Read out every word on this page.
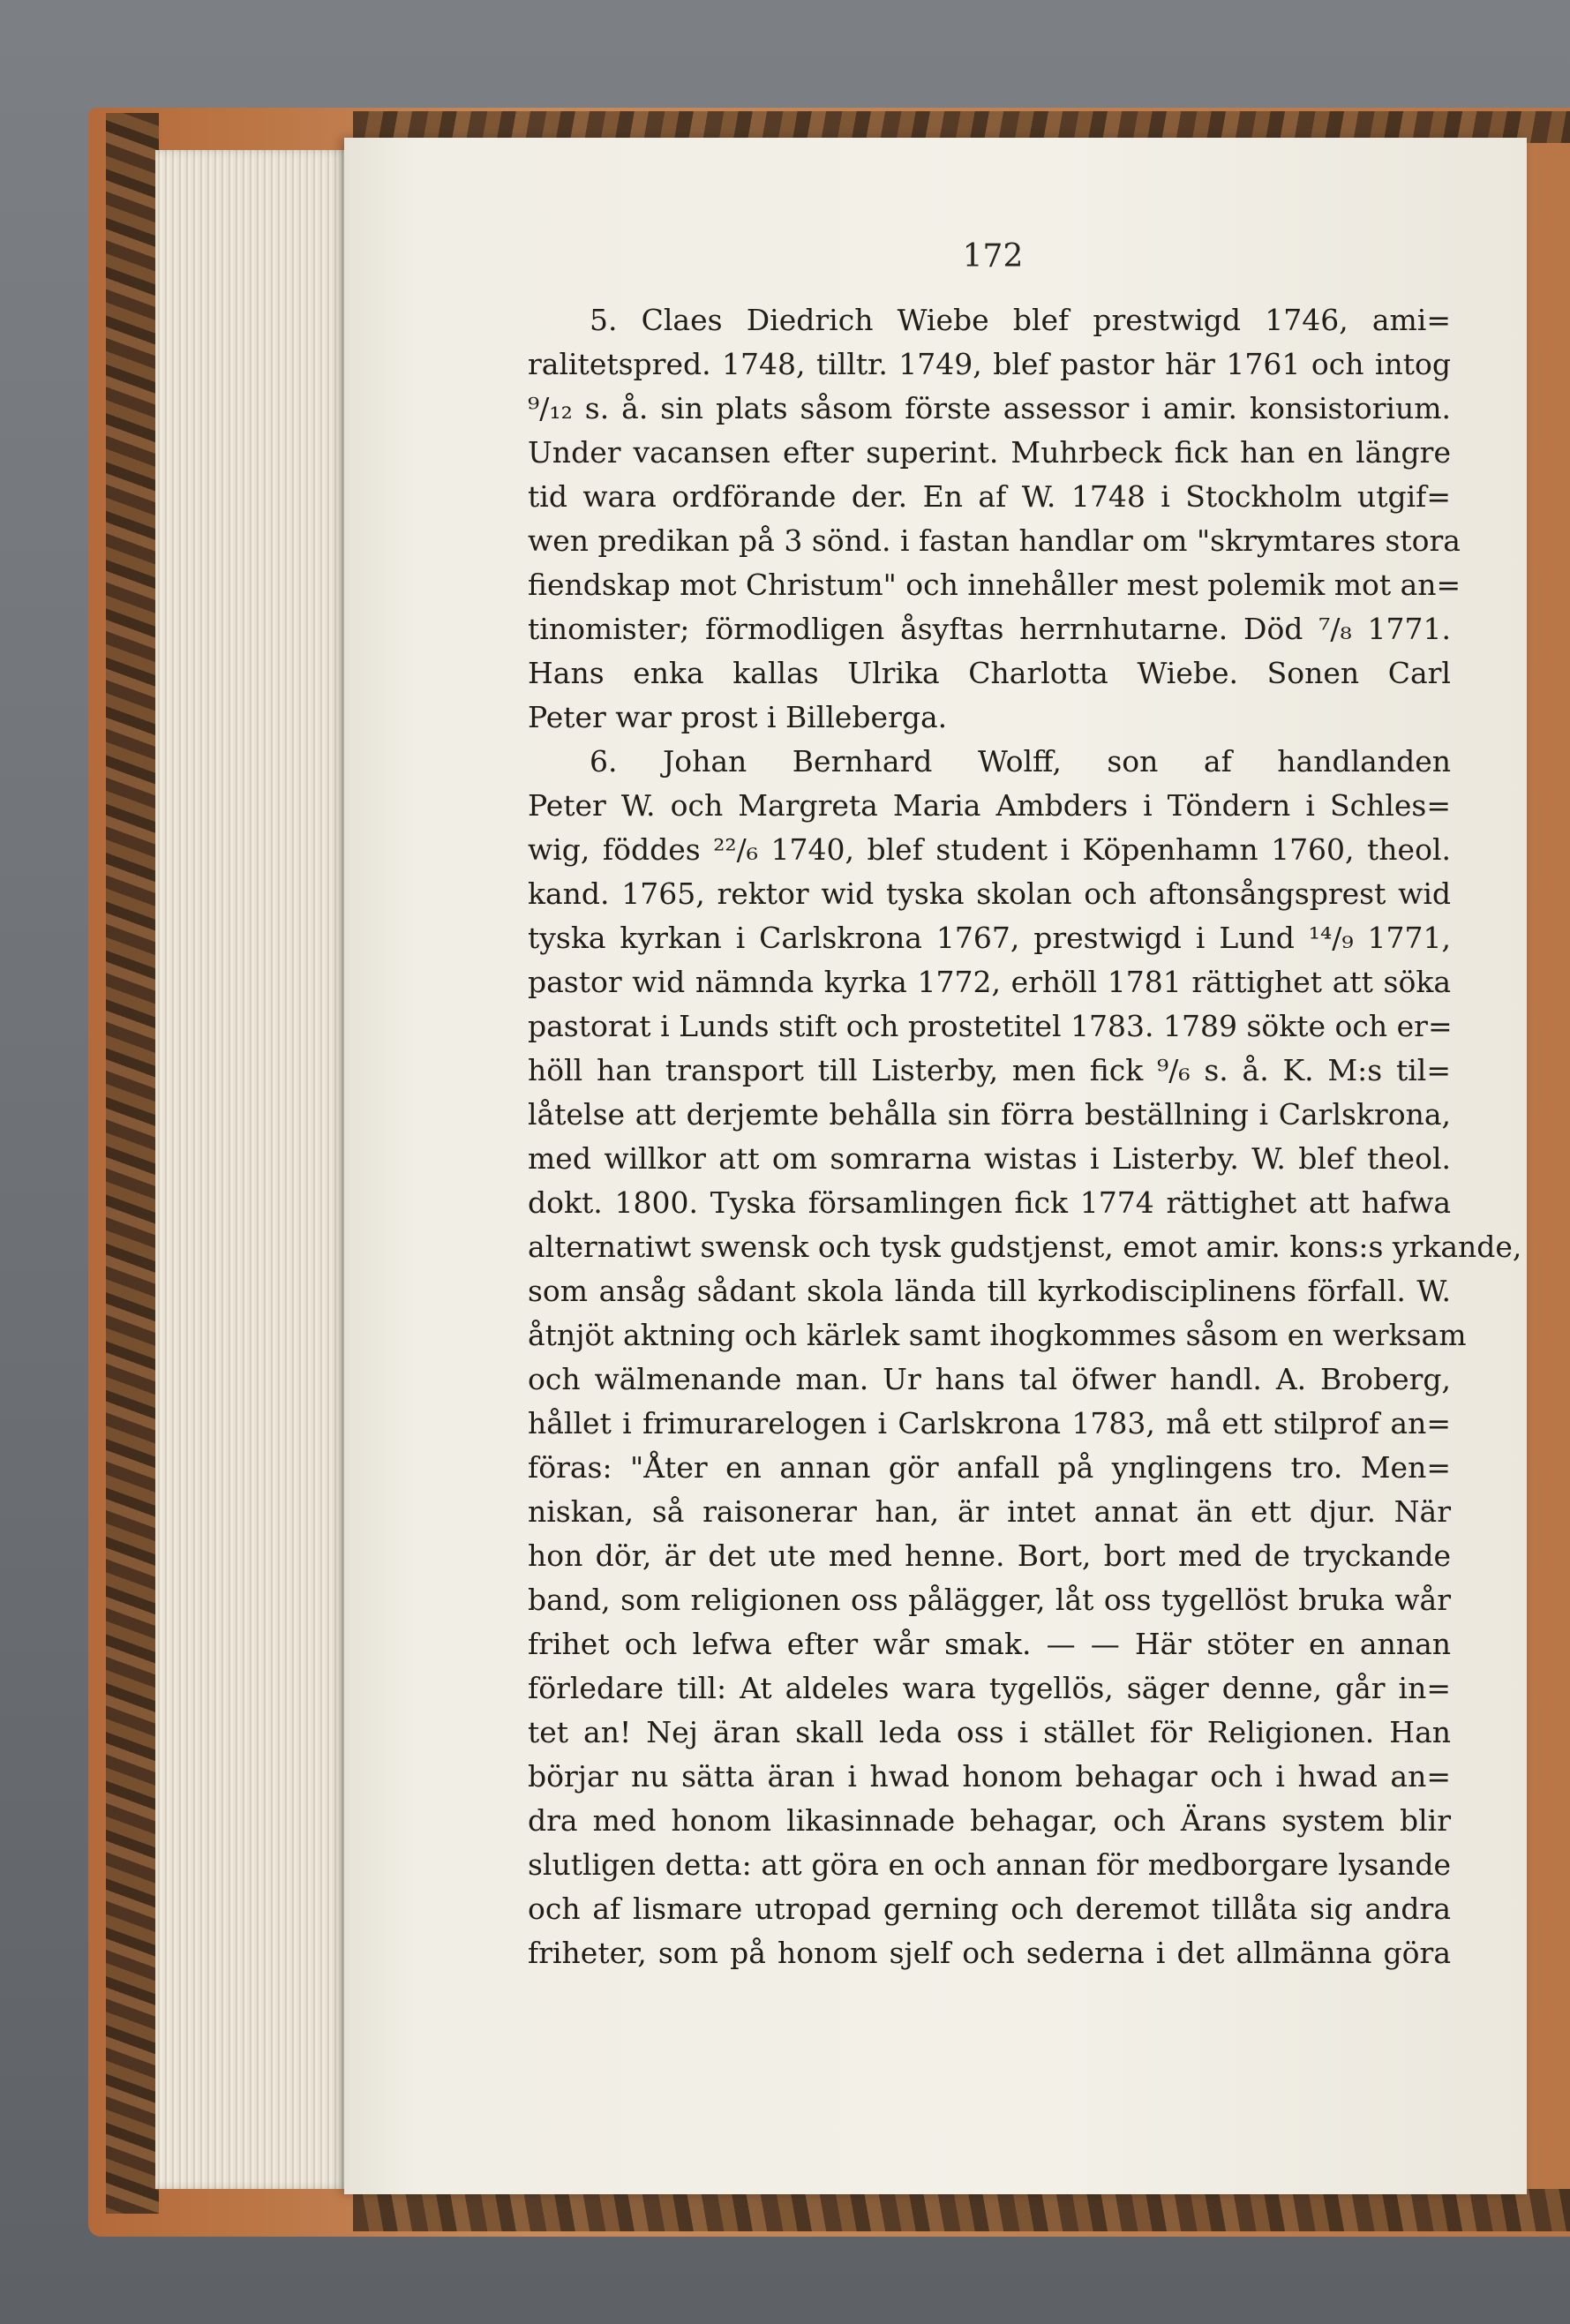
172
5. Claes Diedrich Wiebe blef prestwigd 1746, ami=
ralitetspred. 1748, tilltr. 1749, blef pastor här 1761 och intog
⁹/₁₂ s. å. sin plats såsom förste assessor i amir. konsistorium.
Under vacansen efter superint. Muhrbeck fick han en längre
tid wara ordförande der. En af W. 1748 i Stockholm utgif=
wen predikan på 3 sönd. i fastan handlar om "skrymtares stora
fiendskap mot Christum" och innehåller mest polemik mot an=
tinomister; förmodligen åsyftas herrnhutarne. Död ⁷/₈ 1771.
Hans enka kallas Ulrika Charlotta Wiebe. Sonen Carl
Peter war prost i Billeberga.
6. Johan Bernhard Wolff, son af handlanden
Peter W. och Margreta Maria Ambders i Töndern i Schles=
wig, föddes ²²/₆ 1740, blef student i Köpenhamn 1760, theol.
kand. 1765, rektor wid tyska skolan och aftonsångsprest wid
tyska kyrkan i Carlskrona 1767, prestwigd i Lund ¹⁴/₉ 1771,
pastor wid nämnda kyrka 1772, erhöll 1781 rättighet att söka
pastorat i Lunds stift och prostetitel 1783. 1789 sökte och er=
höll han transport till Listerby, men fick ⁹/₆ s. å. K. M:s til=
låtelse att derjemte behålla sin förra beställning i Carlskrona,
med willkor att om somrarna wistas i Listerby. W. blef theol.
dokt. 1800. Tyska församlingen fick 1774 rättighet att hafwa
alternatiwt swensk och tysk gudstjenst, emot amir. kons:s yrkande,
som ansåg sådant skola lända till kyrkodisciplinens förfall. W.
åtnjöt aktning och kärlek samt ihogkommes såsom en werksam
och wälmenande man. Ur hans tal öfwer handl. A. Broberg,
hållet i frimurarelogen i Carlskrona 1783, må ett stilprof an=
föras: "Åter en annan gör anfall på ynglingens tro. Men=
niskan, så raisonerar han, är intet annat än ett djur. När
hon dör, är det ute med henne. Bort, bort med de tryckande
band, som religionen oss pålägger, låt oss tygellöst bruka wår
frihet och lefwa efter wår smak. — — Här stöter en annan
förledare till: At aldeles wara tygellös, säger denne, går in=
tet an! Nej äran skall leda oss i stället för Religionen. Han
börjar nu sätta äran i hwad honom behagar och i hwad an=
dra med honom likasinnade behagar, och Ärans system blir
slutligen detta: att göra en och annan för medborgare lysande
och af lismare utropad gerning och deremot tillåta sig andra
friheter, som på honom sjelf och sederna i det allmänna göra
